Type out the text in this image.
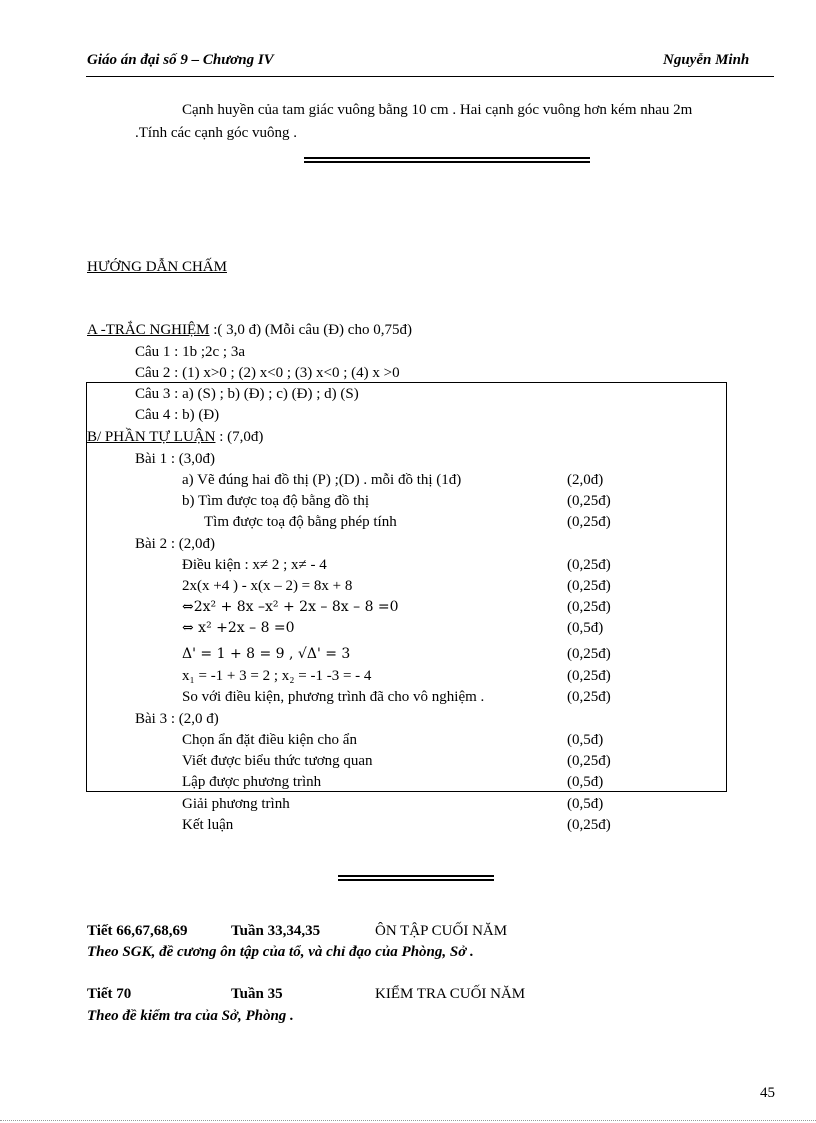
Giáo án đại số 9 – Chương IV	Nguyễn Minh
Cạnh huyền của tam giác vuông bằng 10 cm . Hai cạnh góc vuông hơn kém nhau 2m
.Tính các cạnh góc vuông .
HƯỚNG DẪN CHẤM
A -TRẮC NGHIỆM :( 3,0 đ) (Mỗi câu (Đ) cho 0,75đ)
Câu 1 : 1b ;2c ; 3a
Câu 2 : (1) x>0 ; (2) x<0 ; (3) x<0 ; (4) x >0
Câu 3 : a) (S) ; b) (Đ) ; c) (Đ) ; d) (S)
Câu 4 : b) (Đ)
B/ PHẦN TỰ LUẬN : (7,0đ)
Bài 1 : (3,0đ)
a) Vẽ đúng hai đồ thị (P) ;(D) . mỗi đồ thị (1đ)	(2,0đ)
b) Tìm được toạ độ bằng đồ thị	(0,25đ)
Tìm được toạ độ bằng phép tính	(0,25đ)
Bài 2 : (2,0đ)
Điều kiện : x≠ 2 ; x≠ - 4	(0,25đ)
2x(x +4 ) - x(x – 2) = 8x + 8	(0,25đ)
⇔2x² + 8x –x² + 2x – 8x – 8 =0	(0,25đ)
⇔ x² +2x – 8 =0	(0,5đ)
Δ' = 1 + 8 = 9 , √Δ' = 3	(0,25đ)
x₁ = -1 + 3 = 2 ; x₂ = -1 -3 = - 4	(0,25đ)
So với điều kiện, phương trình đã cho vô nghiệm .	(0,25đ)
Bài 3 : (2,0 đ)
Chọn ẩn đặt điều kiện cho ẩn	(0,5đ)
Viết được biểu thức tương quan	(0,25đ)
Lập được phương trình	(0,5đ)
Giải phương trình	(0,5đ)
Kết luận	(0,25đ)
Tiết 66,67,68,69	Tuần 33,34,35	ÔN TẬP CUỐI NĂM
Theo SGK, đề cương ôn tập của tổ, và chỉ đạo của Phòng, Sở .
Tiết 70	Tuần 35	KIỂM TRA CUỐI NĂM
Theo đề kiểm tra của Sở, Phòng .
45
